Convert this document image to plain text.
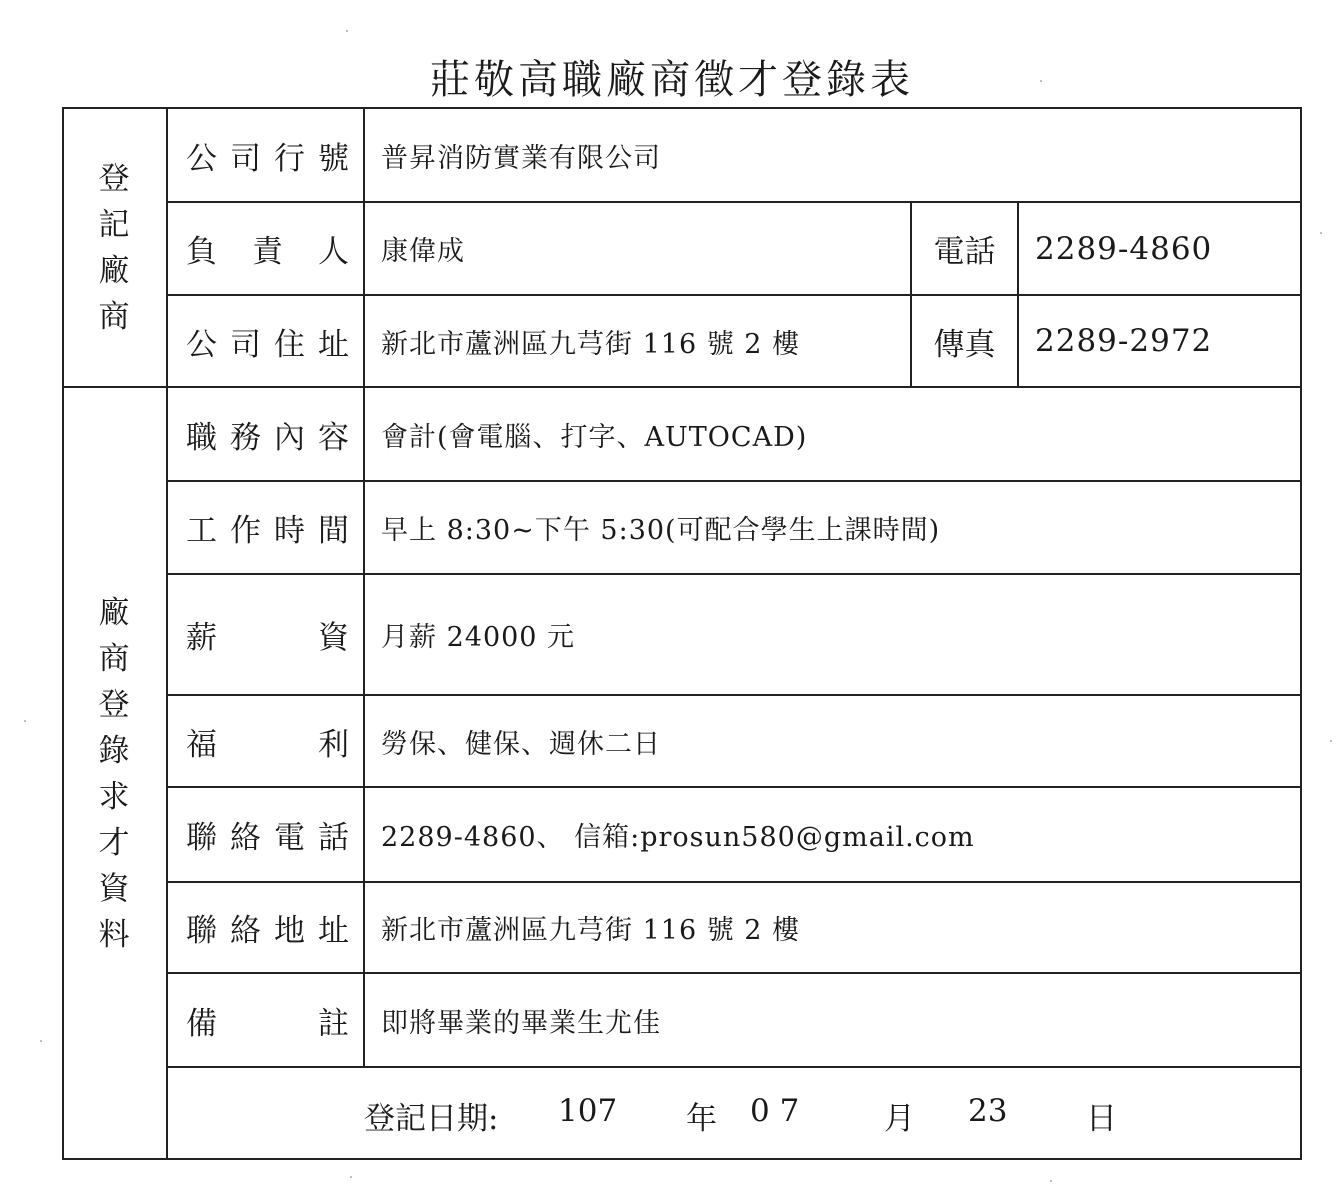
莊敬高職廠商徵才登錄表
登
記
廠
商
廠
商
登
錄
求
才
資
料
公 司 行 號	普昇消防實業有限公司
負 責 人	康偉成	電話	2289-4860
公 司 住 址	新北市蘆洲區九芎街 116 號 2 樓	傳真	2289-2972
職 務 內 容	會計(會電腦、打字、AUTOCAD)
工 作 時 間	早上 8:30~下午 5:30(可配合學生上課時間)
薪	資	月薪 24000 元
福	利	勞保、健保、週休二日
聯 絡 電 話	2289-4860、 信箱:prosun580@gmail.com
聯 絡 地 址	新北市蘆洲區九芎街 116 號 2 樓
備	註	即將畢業的畢業生尤佳
登記日期: 107 年 0 7	月 23	日
